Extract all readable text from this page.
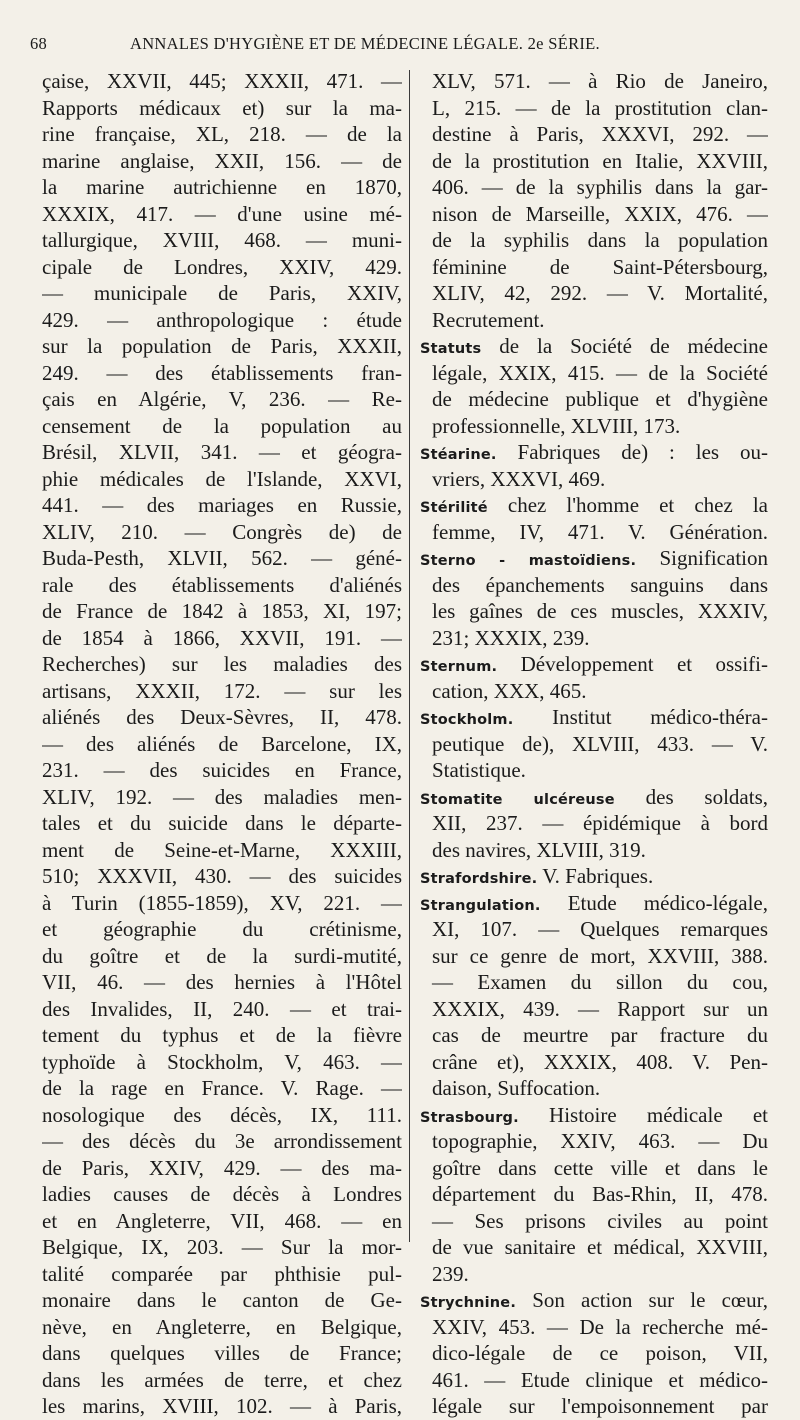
68	ANNALES D'HYGIÈNE ET DE MÉDECINE LÉGALE. 2e SÉRIE.
çaise, XXVII, 445; XXXII, 471. —
Rapports médicaux et) sur la ma-
rine française, XL, 218. — de la
marine anglaise, XXII, 156. — de
la marine autrichienne en 1870,
XXXIX, 417. — d'une usine mé-
tallurgique, XVIII, 468. — muni-
cipale de Londres, XXIV, 429.
— municipale de Paris, XXIV,
429. — anthropologique : étude
sur la population de Paris, XXXII,
249. — des établissements fran-
çais en Algérie, V, 236. — Re-
censement de la population au
Brésil, XLVII, 341. — et géogra-
phie médicales de l'Islande, XXVI,
441. — des mariages en Russie,
XLIV, 210. — Congrès de) de
Buda-Pesth, XLVII, 562. — géné-
rale des établissements d'aliénés
de France de 1842 à 1853, XI, 197;
de 1854 à 1866, XXVII, 191. —
Recherches) sur les maladies des
artisans, XXXII, 172. — sur les
aliénés des Deux-Sèvres, II, 478.
— des aliénés de Barcelone, IX,
231. — des suicides en France,
XLIV, 192. — des maladies men-
tales et du suicide dans le départe-
ment de Seine-et-Marne, XXXIII,
510; XXXVII, 430. — des suicides
à Turin (1855-1859), XV, 221. —
et géographie du crétinisme,
du goître et de la surdi-mutité,
VII, 46. — des hernies à l'Hôtel
des Invalides, II, 240. — et trai-
tement du typhus et de la fièvre
typhoïde à Stockholm, V, 463. —
de la rage en France. V. Rage. —
nosologique des décès, IX, 111.
— des décès du 3e arrondissement
de Paris, XXIV, 429. — des ma-
ladies causes de décès à Londres
et en Angleterre, VII, 468. — en
Belgique, IX, 203. — Sur la mor-
talité comparée par phthisie pul-
monaire dans le canton de Ge-
nève, en Angleterre, en Belgique,
dans quelques villes de France;
dans les armées de terre, et chez
les marins, XVIII, 102. — à Paris,
XLV, 571. — à Rio de Janeiro,
L, 215. — de la prostitution clan-
destine à Paris, XXXVI, 292. —
de la prostitution en Italie, XXVIII,
406. — de la syphilis dans la gar-
nison de Marseille, XXIX, 476. —
de la syphilis dans la population
féminine de Saint-Pétersbourg,
XLIV, 42, 292. — V. Mortalité,
Recrutement.
Statuts de la Société de médecine
légale, XXIX, 415. — de la Société
de médecine publique et d'hygiène
professionnelle, XLVIII, 173.
Stéarine. Fabriques de) : les ou-
vriers, XXXVI, 469.
Stérilité chez l'homme et chez la
femme, IV, 471. V. Génération.
Sterno - mastoïdiens. Signification
des épanchements sanguins dans
les gaînes de ces muscles, XXXIV,
231; XXXIX, 239.
Sternum. Développement et ossifi-
cation, XXX, 465.
Stockholm. Institut médico-théra-
peutique de), XLVIII, 433. — V.
Statistique.
Stomatite ulcéreuse des soldats,
XII, 237. — épidémique à bord
des navires, XLVIII, 319.
Strafordshire. V. Fabriques.
Strangulation. Etude médico-légale,
XI, 107. — Quelques remarques
sur ce genre de mort, XXVIII, 388.
— Examen du sillon du cou,
XXXIX, 439. — Rapport sur un
cas de meurtre par fracture du
crâne et), XXXIX, 408. V. Pen-
daison, Suffocation.
Strasbourg. Histoire médicale et
topographie, XXIV, 463. — Du
goître dans cette ville et dans le
département du Bas-Rhin, II, 478.
— Ses prisons civiles au point
de vue sanitaire et médical, XXVIII,
239.
Strychnine. Son action sur le cœur,
XXIV, 453. — De la recherche mé-
dico-légale de ce poison, VII,
461. — Etude clinique et médico-
légale sur l'empoisonnement par
